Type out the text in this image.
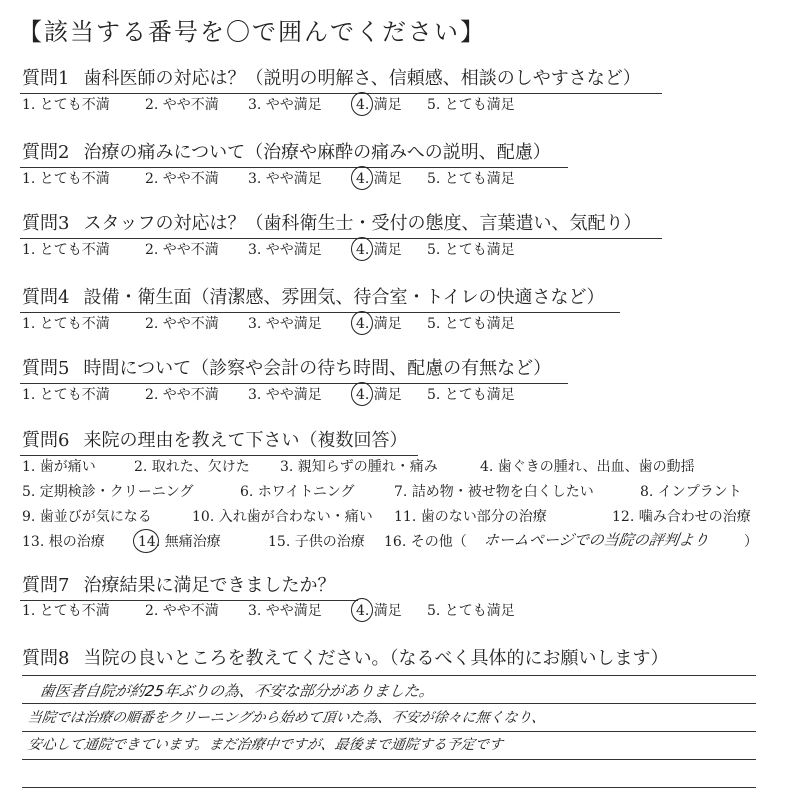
【該当する番号を〇で囲んでください】
質問1 歯科医師の対応は？（説明の明解さ、信頼感、相談のしやすさなど）
1. とても不満	2. やや不満 3. やや満足 4. 満足 5. とても満足
質問2 治療の痛みについて（治療や麻酔の痛みへの説明、配慮）
1. とても不満	2. やや不満 3. やや満足 4. 満足 5. とても満足
質問3 スタッフの対応は？（歯科衛生士・受付の態度、言葉遣い、気配り）
1. とても不満	2. やや不満 3. やや満足 4. 満足 5. とても満足
質問4 設備・衛生面（清潔感、雰囲気、待合室・トイレの快適さなど）
1. とても不満	2. やや不満 3. やや満足 4. 満足 5. とても満足
質問5 時間について（診察や会計の待ち時間、配慮の有無など）
1. とても不満	2. やや不満 3. やや満足 4. 満足 5. とても満足
質問6 来院の理由を教えて下さい（複数回答）
1. 歯が痛い	2. 取れた、欠けた 3. 親知らずの腫れ・痛み	4. 歯ぐきの腫れ、出血、歯の動揺
5. 定期検診・クリーニング	6. ホワイトニング	7. 詰め物・被せ物を白くしたい	8. インプラント
9. 歯並びが気になる	10. 入れ歯が合わない・痛い 11. 歯のない部分の治療	12. 噛み合わせの治療
13. 根の治療 14. 無痛治療	15. 子供の治療 16. その他（ ホームページでの当院の評判より ）
質問7 治療結果に満足できましたか？
1. とても不満	2. やや不満 3. やや満足 4. 満足 5. とても満足
質問8 当院の良いところを教えてください。（なるべく具体的にお願いします）
歯医者自院が約25年ぶりの為、不安な部分がありました。
当院では治療の順番をクリーニングから始めて頂いた為、不安が徐々に無くなり、
安心して通院できています。まだ治療中ですが、最後まで通院する予定です
